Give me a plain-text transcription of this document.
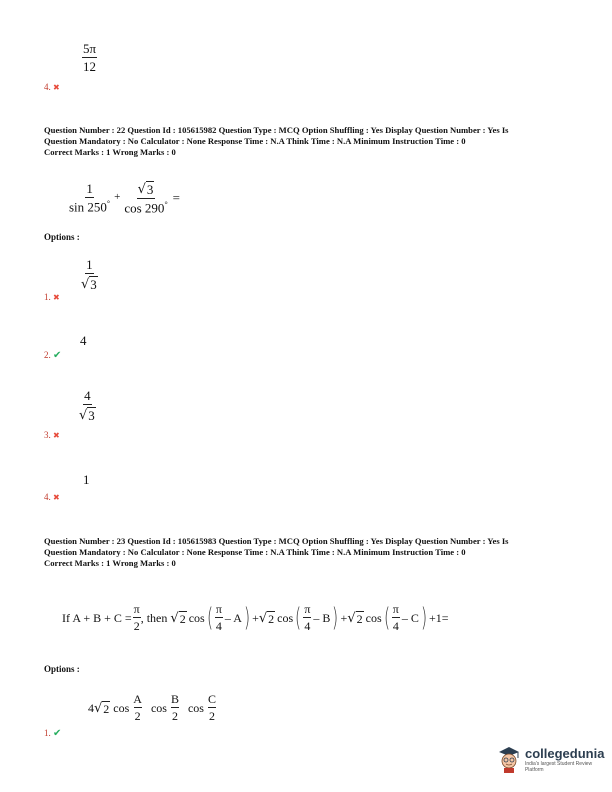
$\frac{5\pi}{12}$
4. ✖
Question Number : 22 Question Id : 105615982 Question Type : MCQ Option Shuffling : Yes Display Question Number : Yes Is
Question Mandatory : No Calculator : None Response Time : N.A Think Time : N.A Minimum Instruction Time : 0
Correct Marks : 1 Wrong Marks : 0
$\frac{1}{\sin 250^\circ} + \frac{√ 3}{\cos 290^\circ}$ =
Options :
$\frac{1}{√ 3}$
1. ✖
4
2. ✔
$\frac{4}{√ 3}$
3. ✖
1
4. ✖
Question Number : 23 Question Id : 105615983 Question Type : MCQ Option Shuffling : Yes Display Question Number : Yes Is
Question Mandatory : No Calculator : None Response Time : N.A Think Time : N.A Minimum Instruction Time : 0
Correct Marks : 1 Wrong Marks : 0
If $A + B + C = \frac{\pi}{2}$ , then √ 2 cos ( $\frac{\pi}{4}$ – A ) + √ 2 cos ( $\frac{\pi}{4}$ – B ) + √ 2 cos ( $\frac{\pi}{4}$ – C ) +1=
Options :
4 √ 2 $\cos \frac{A}{2}$ $\cos \frac{B}{2}$ $\cos \frac{C}{2}$
1. ✔
collegedunia
India's largest Student Review Platform
